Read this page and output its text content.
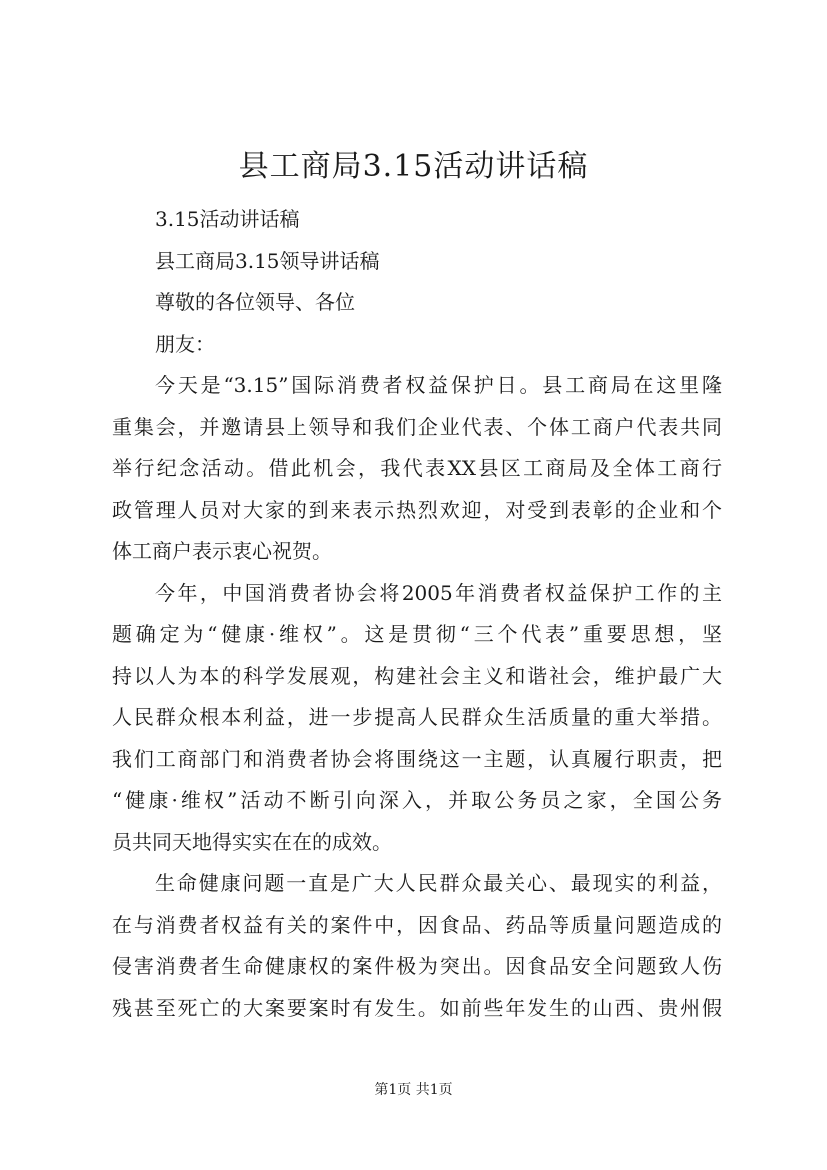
县工商局3.15活动讲话稿

3.15活动讲话稿

县工商局3.15领导讲话稿

尊敬的各位领导、各位

朋友：

今天是“3.15”国际消费者权益保护日。县工商局在这里隆

重集会，并邀请县上领导和我们企业代表、个体工商户代表共同

举行纪念活动。借此机会，我代表XX县区工商局及全体工商行

政管理人员对大家的到来表示热烈欢迎，对受到表彰的企业和个

体工商户表示衷心祝贺。

今年，中国消费者协会将2005年消费者权益保护工作的主

题确定为“健康·维权”。这是贯彻“三个代表”重要思想，坚

持以人为本的科学发展观，构建社会主义和谐社会，维护最广大

人民群众根本利益，进一步提高人民群众生活质量的重大举措。

我们工商部门和消费者协会将围绕这一主题，认真履行职责，把

“健康·维权”活动不断引向深入，并取公务员之家，全国公务

员共同天地得实实在在的成效。

生命健康问题一直是广大人民群众最关心、最现实的利益，

在与消费者权益有关的案件中，因食品、药品等质量问题造成的

侵害消费者生命健康权的案件极为突出。因食品安全问题致人伤

残甚至死亡的大案要案时有发生。如前些年发生的山西、贵州假

第1页 共1页
